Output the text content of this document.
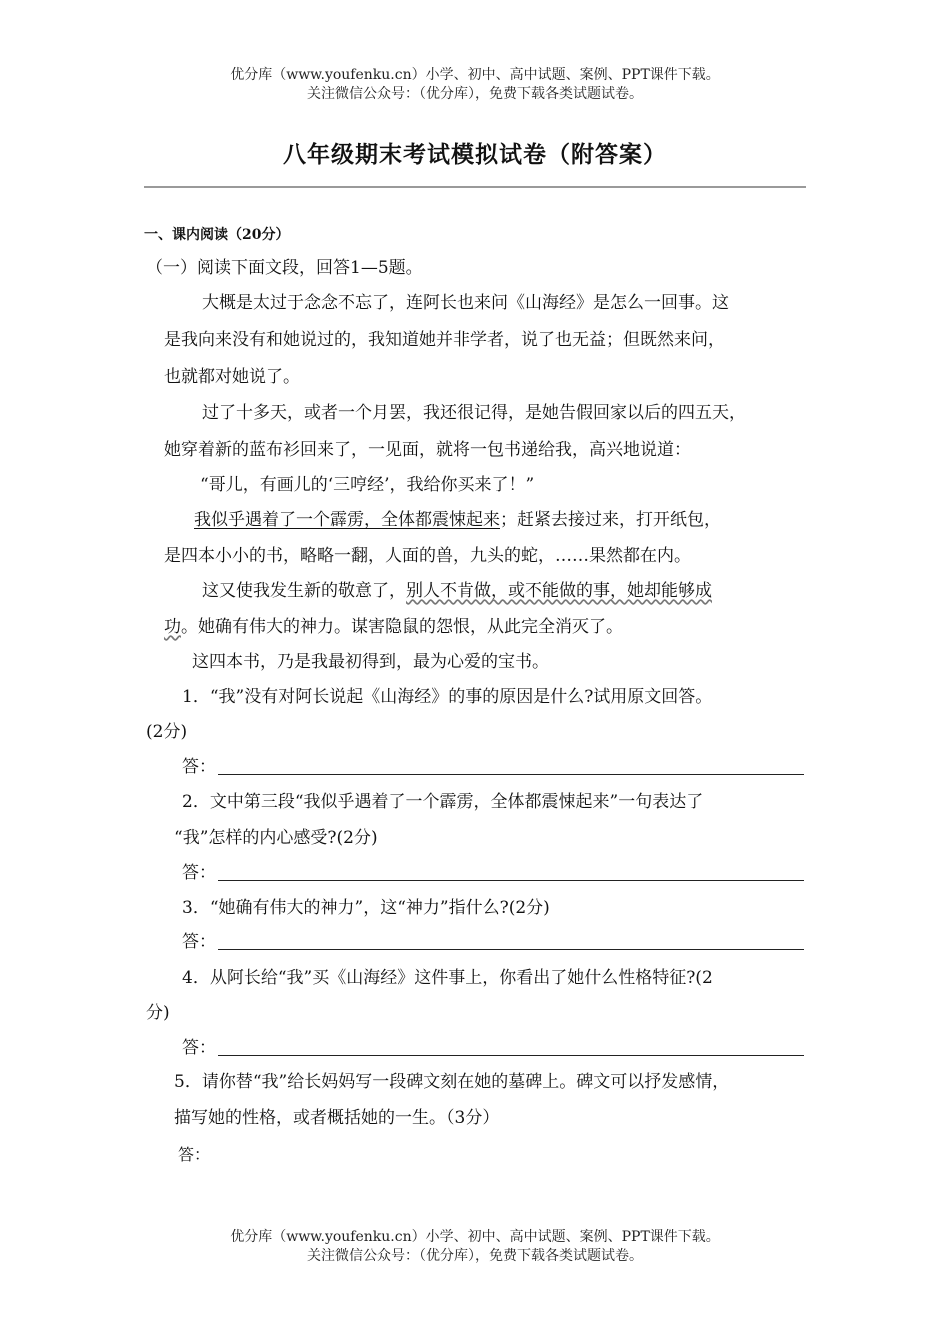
优分库（www.youfenku.cn）小学、初中、高中试题、案例、PPT课件下载。
关注微信公众号：（优分库），免费下载各类试题试卷。
八年级期末考试模拟试卷（附答案）
一、课内阅读（20分）
（一）阅读下面文段，回答1—5题。
大概是太过于念念不忘了，连阿长也来问《山海经》是怎么一回事。这
是我向来没有和她说过的，我知道她并非学者，说了也无益；但既然来问，
也就都对她说了。
过了十多天，或者一个月罢，我还很记得，是她告假回家以后的四五天，
她穿着新的蓝布衫回来了，一见面，就将一包书递给我，高兴地说道：
“哥儿，有画儿的‘三哼经’，我给你买来了！”
我似乎遇着了一个霹雳，全体都震悚起来；赶紧去接过来，打开纸包，
是四本小小的书，略略一翻，人面的兽，九头的蛇，……果然都在内。
这又使我发生新的敬意了，别人不肯做，或不能做的事，她却能够成
功。她确有伟大的神力。谋害隐鼠的怨恨，从此完全消灭了。
这四本书，乃是我最初得到，最为心爱的宝书。
1．“我”没有对阿长说起《山海经》的事的原因是什么?试用原文回答。
(2分)
答：
2．文中第三段“我似乎遇着了一个霹雳，全体都震悚起来”一句表达了
“我”怎样的内心感受?(2分)
答：
3．“她确有伟大的神力”，这“神力”指什么?(2分)
答：
4．从阿长给“我”买《山海经》这件事上，你看出了她什么性格特征?(2
分)
答：
5．请你替“我”给长妈妈写一段碑文刻在她的墓碑上。碑文可以抒发感情，
描写她的性格，或者概括她的一生。（3分）
答：
优分库（www.youfenku.cn）小学、初中、高中试题、案例、PPT课件下载。
关注微信公众号：（优分库），免费下载各类试题试卷。
